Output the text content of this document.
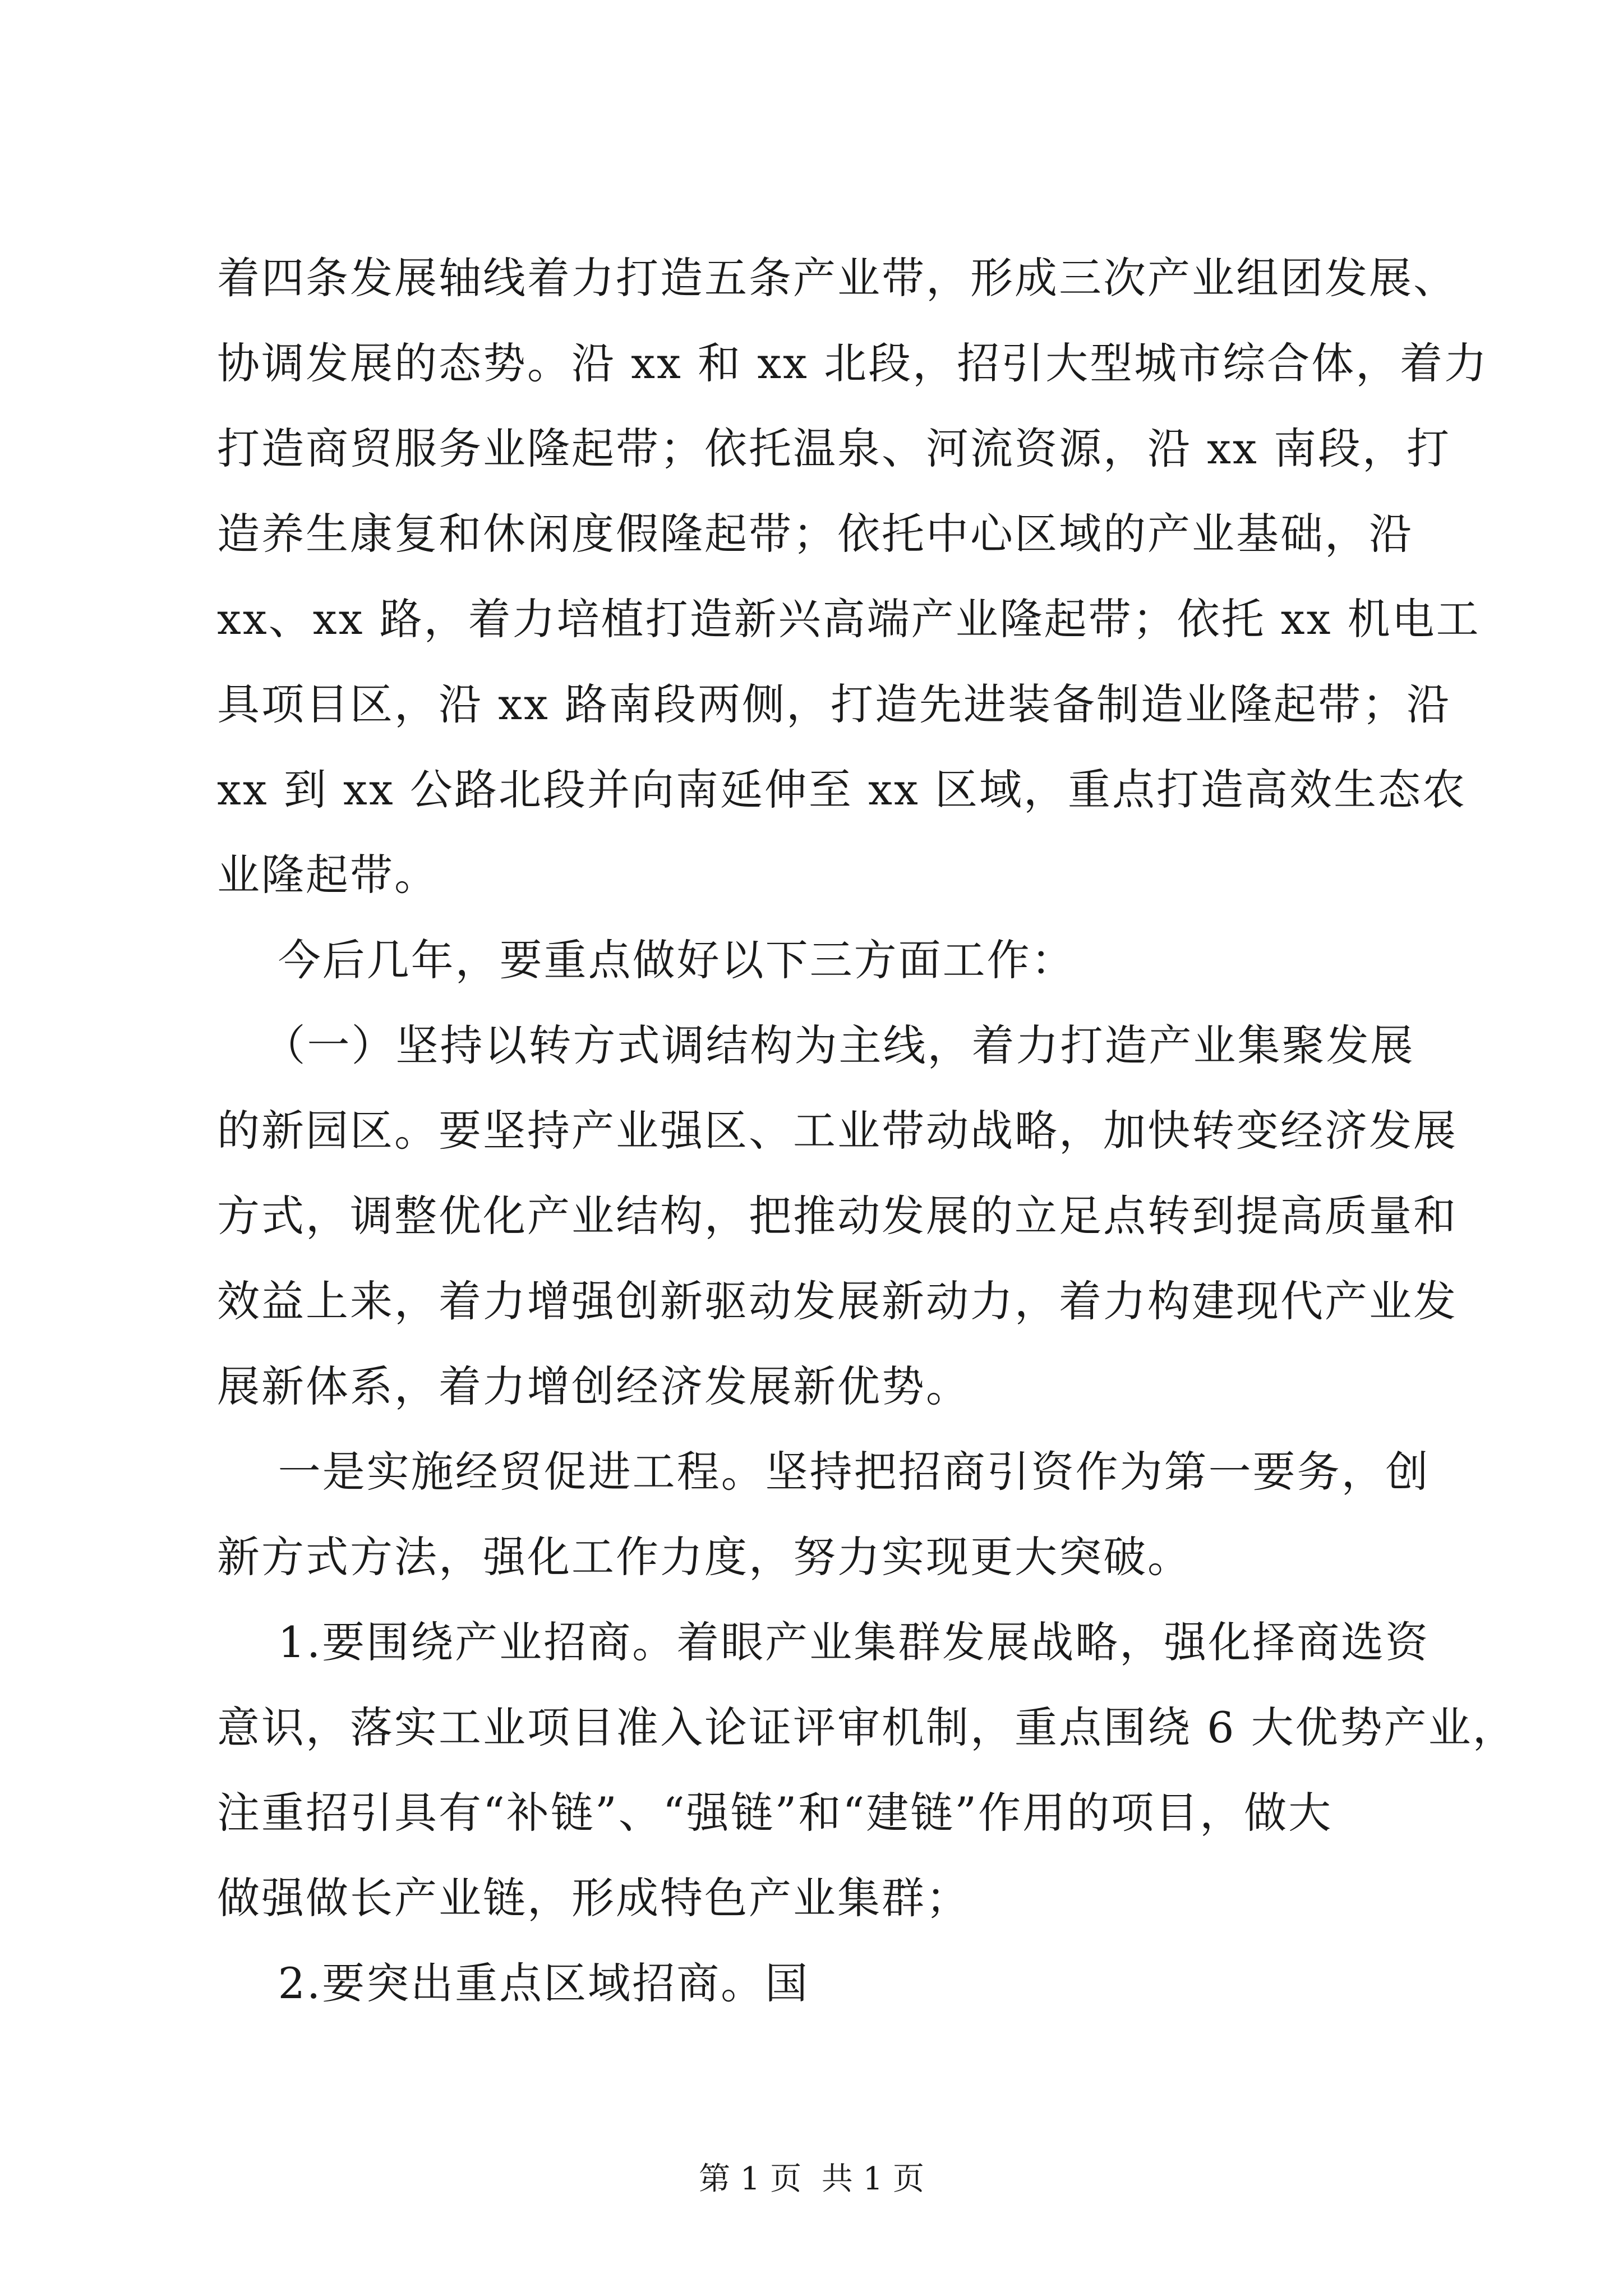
着四条发展轴线着力打造五条产业带，形成三次产业组团发展、
协调发展的态势。沿 xx 和 xx 北段，招引大型城市综合体，着力
打造商贸服务业隆起带；依托温泉、河流资源，沿 xx 南段，打
造养生康复和休闲度假隆起带；依托中心区域的产业基础，沿
xx、xx 路，着力培植打造新兴高端产业隆起带；依托 xx 机电工
具项目区，沿 xx 路南段两侧，打造先进装备制造业隆起带；沿
xx 到 xx 公路北段并向南延伸至 xx 区域，重点打造高效生态农
业隆起带。
今后几年，要重点做好以下三方面工作：
（一）坚持以转方式调结构为主线，着力打造产业集聚发展
的新园区。要坚持产业强区、工业带动战略，加快转变经济发展
方式，调整优化产业结构，把推动发展的立足点转到提高质量和
效益上来，着力增强创新驱动发展新动力，着力构建现代产业发
展新体系，着力增创经济发展新优势。
一是实施经贸促进工程。坚持把招商引资作为第一要务，创
新方式方法，强化工作力度，努力实现更大突破。
1.要围绕产业招商。着眼产业集群发展战略，强化择商选资
意识，落实工业项目准入论证评审机制，重点围绕 6 大优势产业，
注重招引具有“补链”、“强链”和“建链”作用的项目，做大
做强做长产业链，形成特色产业集群；
2.要突出重点区域招商。国
第 1 页  共 1 页
